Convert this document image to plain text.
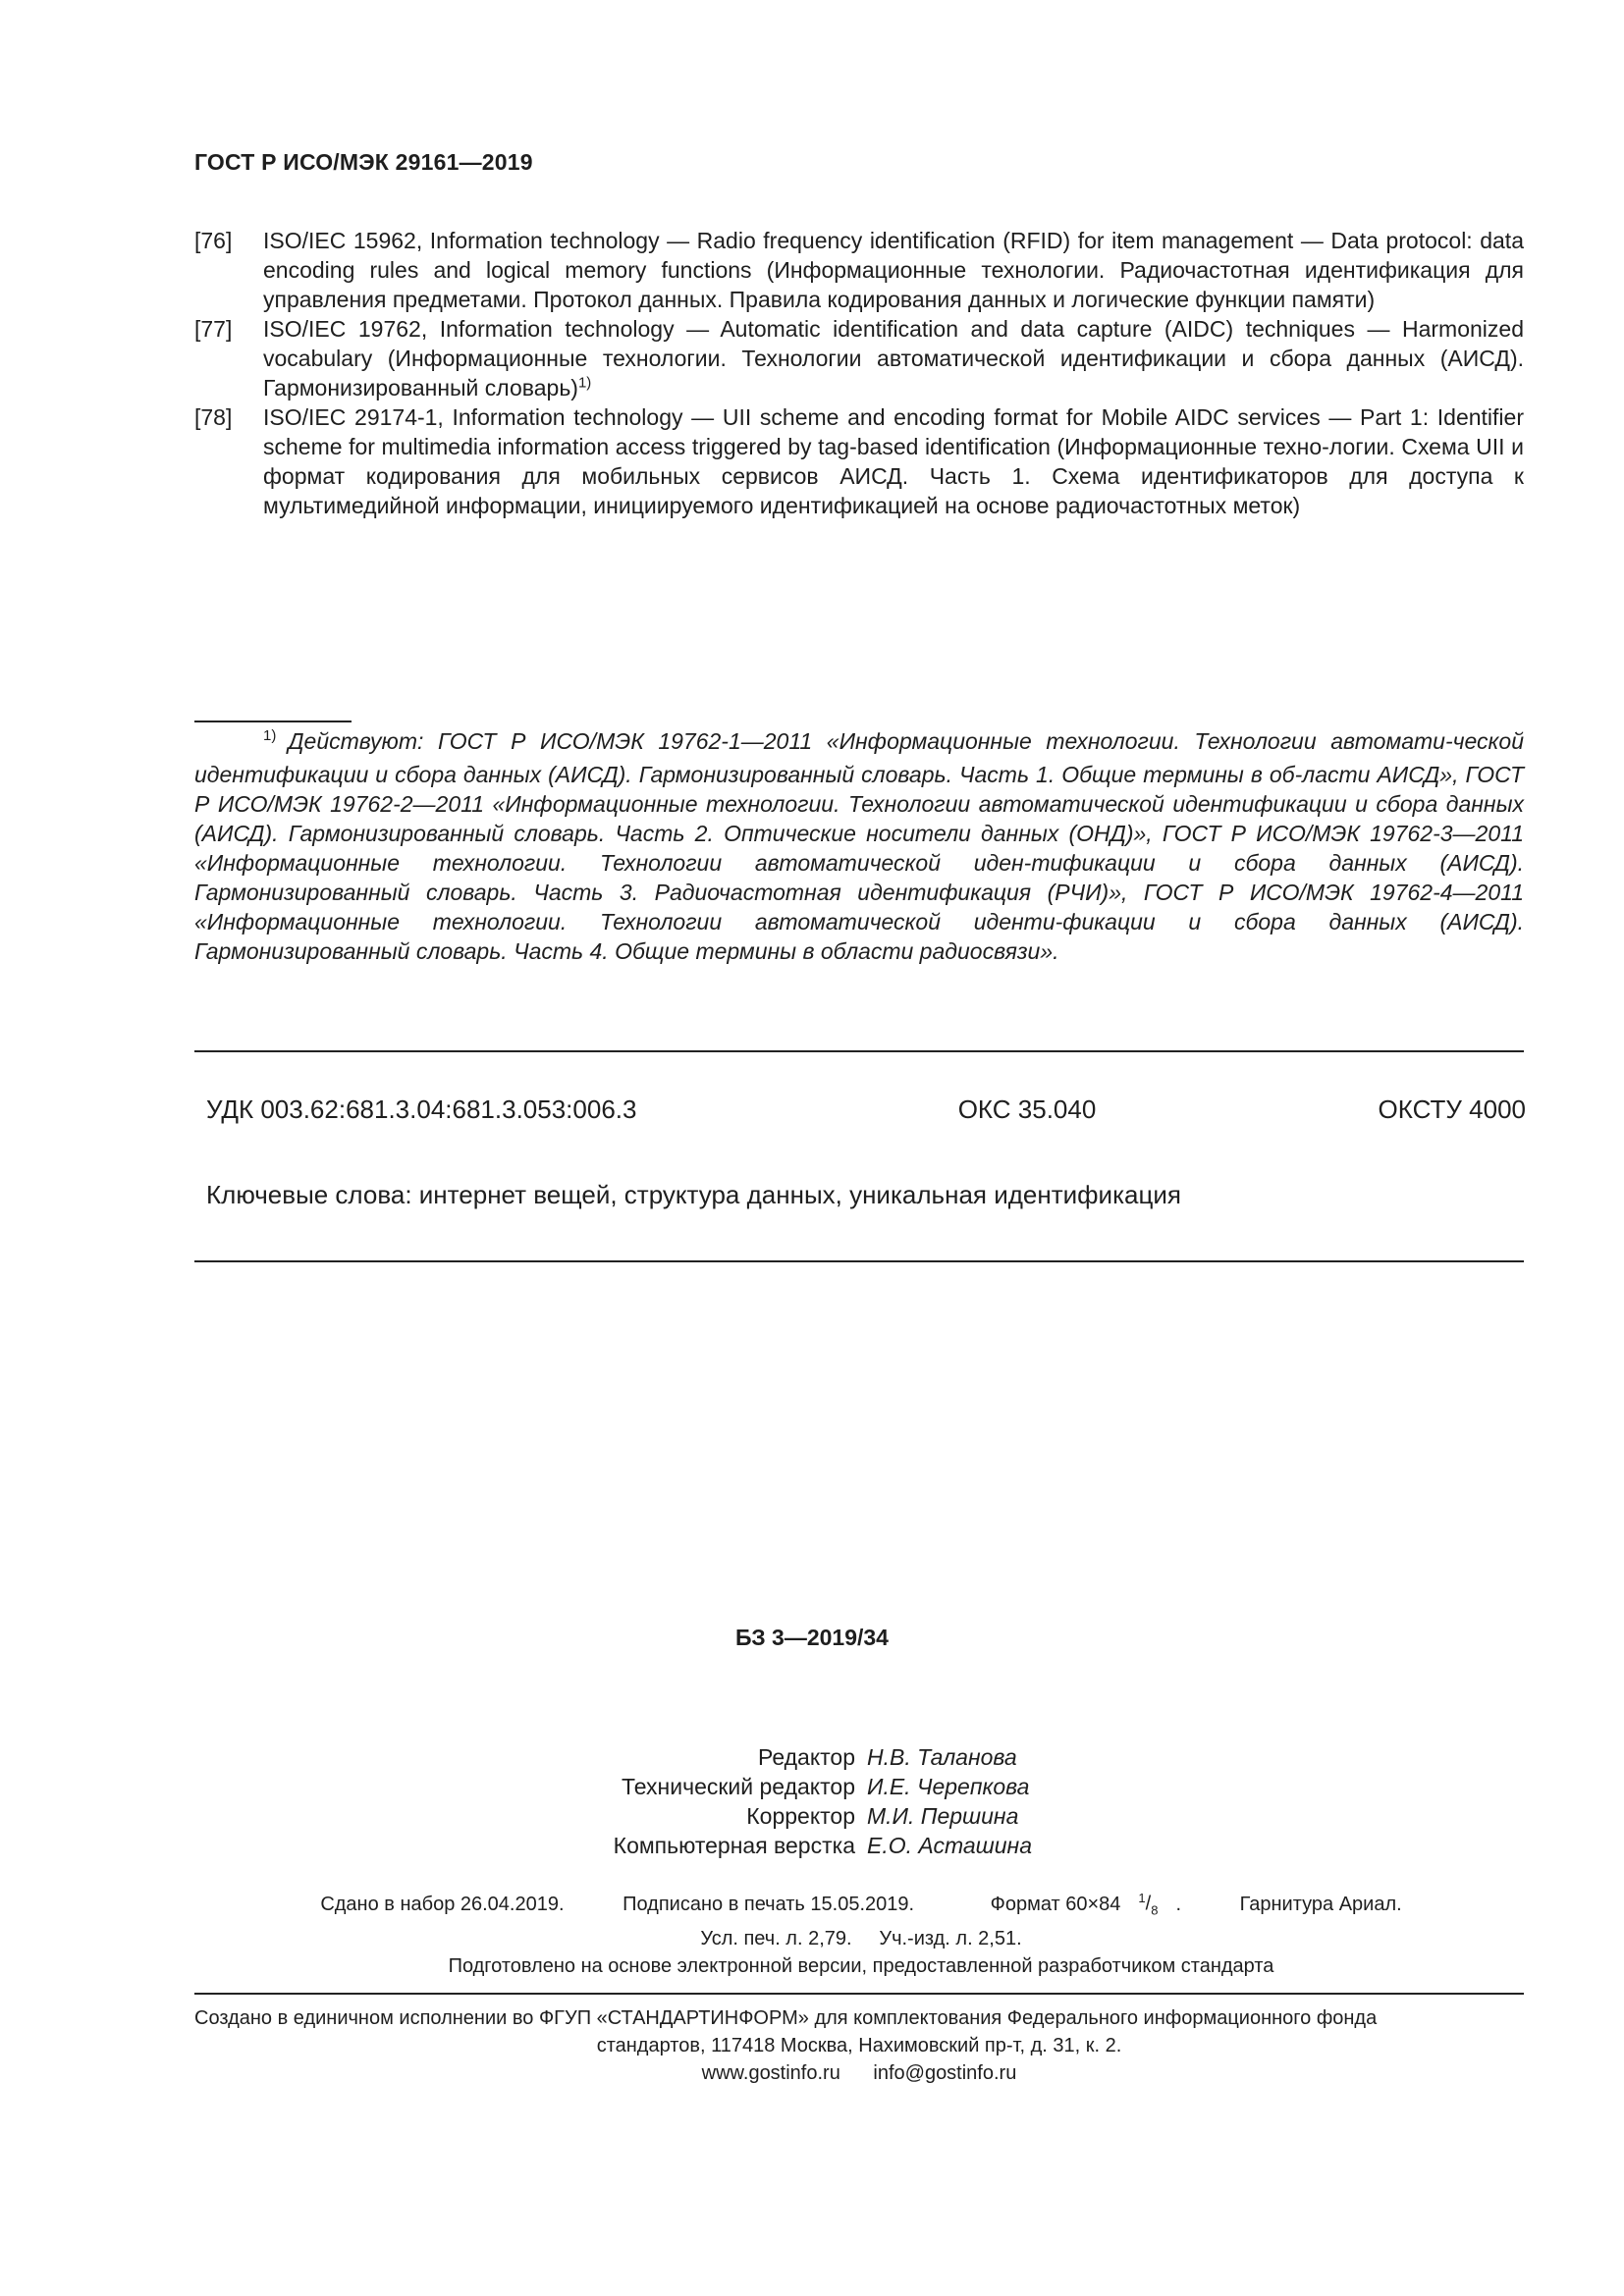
ГОСТ Р ИСО/МЭК 29161—2019
[76]	ISO/IEC 15962, Information technology — Radio frequency identification (RFID) for item management — Data protocol: data encoding rules and logical memory functions (Информационные технологии. Радиочастотная идентификация для управления предметами. Протокол данных. Правила кодирования данных и логические функции памяти)
[77]	ISO/IEC 19762, Information technology — Automatic identification and data capture (AIDC) techniques — Harmonized vocabulary (Информационные технологии. Технологии автоматической идентификации и сбора данных (АИСД). Гармонизированный словарь)$^{1)}$
[78]	ISO/IEC 29174-1, Information technology — UII scheme and encoding format for Mobile AIDC services — Part 1: Identifier scheme for multimedia information access triggered by tag-based identification (Информационные техно-логии. Схема UII и формат кодирования для мобильных сервисов АИСД. Часть 1. Схема идентификаторов для доступа к мультимедийной информации, инициируемого идентификацией на основе радиочастотных меток)
$^{1)}$ Действуют: ГОСТ Р ИСО/МЭК 19762-1—2011 «Информационные технологии. Технологии автомати-ческой идентификации и сбора данных (АИСД). Гармонизированный словарь. Часть 1. Общие термины в об-ласти АИСД», ГОСТ Р ИСО/МЭК 19762-2—2011 «Информационные технологии. Технологии автоматической идентификации и сбора данных (АИСД). Гармонизированный словарь. Часть 2. Оптические носители данных (ОНД)», ГОСТ Р ИСО/МЭК 19762-3—2011 «Информационные технологии. Технологии автоматической иден-тификации и сбора данных (АИСД). Гармонизированный словарь. Часть 3. Радиочастотная идентификация (РЧИ)», ГОСТ Р ИСО/МЭК 19762-4—2011 «Информационные технологии. Технологии автоматической иденти-фикации и сбора данных (АИСД). Гармонизированный словарь. Часть 4. Общие термины в области радиосвязи».
УДК 003.62:681.3.04:681.3.053:006.3	ОКС 35.040	ОКСТУ 4000
Ключевые слова: интернет вещей, структура данных, уникальная идентификация
БЗ 3—2019/34
Редактор Н.В. Таланова
Технический редактор И.Е. Черепкова
Корректор М.И. Першина
Компьютерная верстка Е.О. Асташина
Сдано в набор 26.04.2019.	Подписано в печать 15.05.2019.	Формат 60×84 $^1/_8$ .	Гарнитура Ариал.
Усл. печ. л. 2,79. Уч.-изд. л. 2,51.
Подготовлено на основе электронной версии, предоставленной разработчиком стандарта
Создано в единичном исполнении во ФГУП «СТАНДАРТИНФОРМ» для комплектования Федерального информационного фонда
стандартов, 117418 Москва, Нахимовский пр-т, д. 31, к. 2.
www.gostinfo.ru info@gostinfo.ru
